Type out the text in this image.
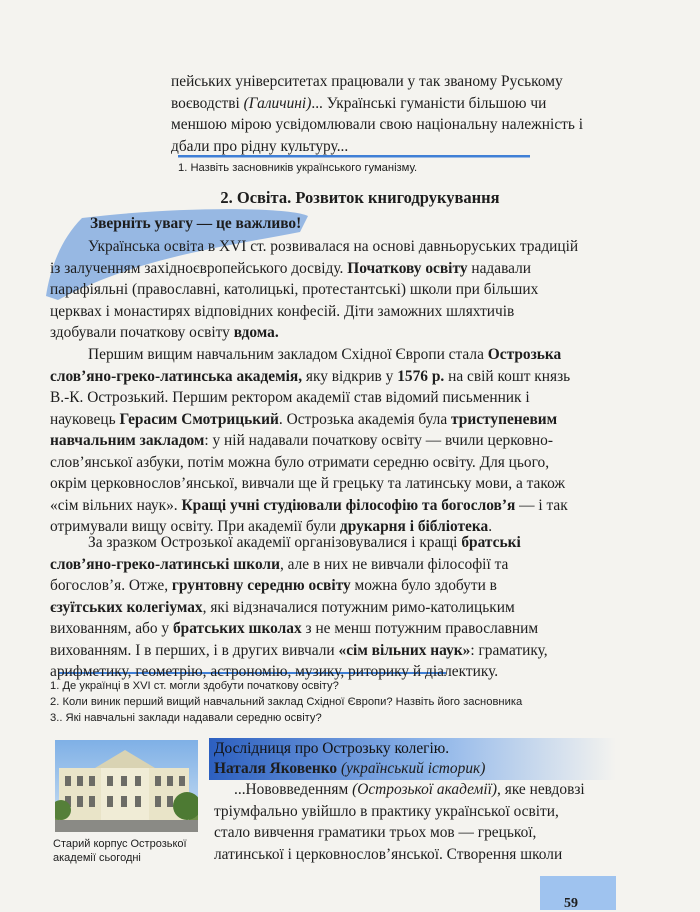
пейських університетах працювали у так званому Руському

воєводстві (Галичині)... Українські гуманісти більшою чи

меншою мірою усвідомлювали свою національну належність і

дбали про рідну культуру...

1. Назвіть засновників українського гуманізму.
2. Освіта. Розвиток книгодрукування
Зверніть увагу — це важливо!

Українська освіта в XVI ст. розвивалася на основі давньоруських традицій

із залученням західноєвропейського досвіду. Початкову освіту надавали

парафіяльні (православні, католицькі, протестантські) школи при більших

церквах і монастирях відповідних конфесій. Діти заможних шляхтичів

здобували початкову освіту вдома.

Першим вищим навчальним закладом Східної Європи стала Острозька

слов’яно-греко-латинська академія, яку відкрив у 1576 р. на свій кошт князь

В.-К. Острозький. Першим ректором академії став відомий письменник і

науковець Герасим Смотрицький. Острозька академія була триступеневим

навчальним закладом: у ній надавали початкову освіту — вчили церковно-

слов’янської азбуки, потім можна було отримати середню освіту. Для цього,

окрім церковнослов’янської, вивчали ще й грецьку та латинську мови, а також

«сім вільних наук». Кращі учні студіювали філософію та богослов’я — і так

отримували вищу освіту. При академії були друкарня і бібліотека.

За зразком Острозької академії організовувалися і кращі братські

слов’яно-греко-латинські школи, але в них не вивчали філософії та

богослов’я. Отже, грунтовну середню освіту можна було здобути в

єзуїтських колегіумах, які відзначалися потужним римо-католицьким

вихованням, або у братських школах з не менш потужним православним

вихованням. І в перших, і в других вивчали «сім вільних наук»: граматику,

арифметику, геометрію, астрономію, музику, риторику й діалектику.

1. Де українці в XVI ст. могли здобути початкову освіту?
2. Коли виник перший вищий навчальний заклад Східної Європи? Назвіть його засновника
3.. Які навчальні заклади надавали середню освіту?
Старий корпус Острозької
академії сьогодні
Дослідниця про Острозьку колегію.
Наталя Яковенко (український історик)

...Нововведенням (Острозької академії), яке невдовзі

тріумфально увійшло в практику української освіти,

стало вивчення граматики трьох мов — грецької,

латинської і церковнослов’янської. Створення школи

59
